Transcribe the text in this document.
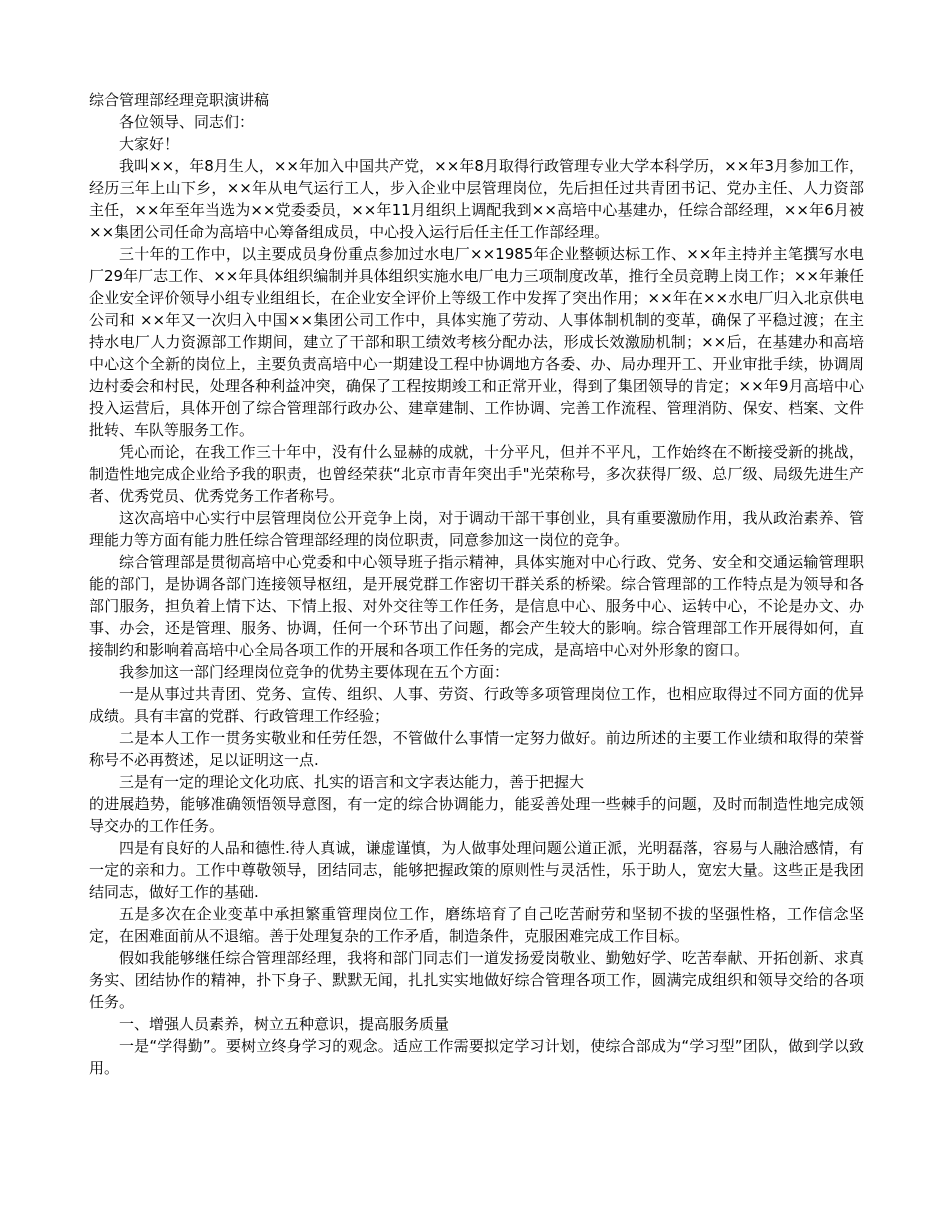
综合管理部经理竞职演讲稿

各位领导、同志们：

大家好！

我叫××，年8月生人，××年加入中国共产党，××年8月取得行政管理专业大学本科学历，××年3月参加工作，经历三年上山下乡，××年从电气运行工人，步入企业中层管理岗位，先后担任过共青团书记、党办主任、人力资部主任，××年至年当选为××党委委员，××年11月组织上调配我到××高培中心基建办，任综合部经理，××年6月被××集团公司任命为高培中心筹备组成员，中心投入运行后任主任工作部经理。

三十年的工作中，以主要成员身份重点参加过水电厂××1985年企业整顿达标工作、××年主持并主笔撰写水电厂29年厂志工作、××年具体组织编制并具体组织实施水电厂电力三项制度改革，推行全员竞聘上岗工作；××年兼任企业安全评价领导小组专业组组长，在企业安全评价上等级工作中发挥了突出作用；××年在××水电厂归入北京供电公司和 ××年又一次归入中国××集团公司工作中，具体实施了劳动、人事体制机制的变革，确保了平稳过渡；在主持水电厂人力资源部工作期间，建立了干部和职工绩效考核分配办法，形成长效激励机制；××后，在基建办和高培中心这个全新的岗位上，主要负责高培中心一期建设工程中协调地方各委、办、局办理开工、开业审批手续，协调周边村委会和村民，处理各种利益冲突，确保了工程按期竣工和正常开业，得到了集团领导的肯定；××年9月高培中心投入运营后，具体开创了综合管理部行政办公、建章建制、工作协调、完善工作流程、管理消防、保安、档案、文件批转、车队等服务工作。

凭心而论，在我工作三十年中，没有什么显赫的成就，十分平凡，但并不平凡，工作始终在不断接受新的挑战，制造性地完成企业给予我的职责，也曾经荣获“北京市青年突出手"光荣称号，多次获得厂级、总厂级、局级先进生产者、优秀党员、优秀党务工作者称号。

这次高培中心实行中层管理岗位公开竞争上岗，对于调动干部干事创业，具有重要激励作用，我从政治素养、管理能力等方面有能力胜任综合管理部经理的岗位职责，同意参加这一岗位的竞争。

综合管理部是贯彻高培中心党委和中心领导班子指示精神，具体实施对中心行政、党务、安全和交通运输管理职能的部门，是协调各部门连接领导枢纽，是开展党群工作密切干群关系的桥梁。综合管理部的工作特点是为领导和各部门服务，担负着上情下达、下情上报、对外交往等工作任务，是信息中心、服务中心、运转中心，不论是办文、办事、办会，还是管理、服务、协调，任何一个环节出了问题，都会产生较大的影响。综合管理部工作开展得如何，直接制约和影响着高培中心全局各项工作的开展和各项工作任务的完成，是高培中心对外形象的窗口。

我参加这一部门经理岗位竞争的优势主要体现在五个方面：

一是从事过共青团、党务、宣传、组织、人事、劳资、行政等多项管理岗位工作，也相应取得过不同方面的优异成绩。具有丰富的党群、行政管理工作经验；

二是本人工作一贯务实敬业和任劳任怨，不管做什么事情一定努力做好。前边所述的主要工作业绩和取得的荣誉称号不必再赘述，足以证明这一点.

三是有一定的理论文化功底、扎实的语言和文字表达能力，善于把握大

的进展趋势，能够准确领悟领导意图，有一定的综合协调能力，能妥善处理一些棘手的问题，及时而制造性地完成领导交办的工作任务。

四是有良好的人品和德性.待人真诚，谦虚谨慎，为人做事处理问题公道正派，光明磊落，容易与人融洽感情，有一定的亲和力。工作中尊敬领导，团结同志，能够把握政策的原则性与灵活性，乐于助人，宽宏大量。这些正是我团结同志，做好工作的基础.

五是多次在企业变革中承担繁重管理岗位工作，磨练培育了自己吃苦耐劳和坚韧不拔的坚强性格，工作信念坚定，在困难面前从不退缩。善于处理复杂的工作矛盾，制造条件，克服困难完成工作目标。

假如我能够继任综合管理部经理，我将和部门同志们一道发扬爱岗敬业、勤勉好学、吃苦奉献、开拓创新、求真务实、团结协作的精神，扑下身子、默默无闻，扎扎实实地做好综合管理各项工作，圆满完成组织和领导交给的各项任务。

一、增强人员素养，树立五种意识，提高服务质量

一是“学得勤”。要树立终身学习的观念。适应工作需要拟定学习计划，使综合部成为“学习型”团队，做到学以致用。
